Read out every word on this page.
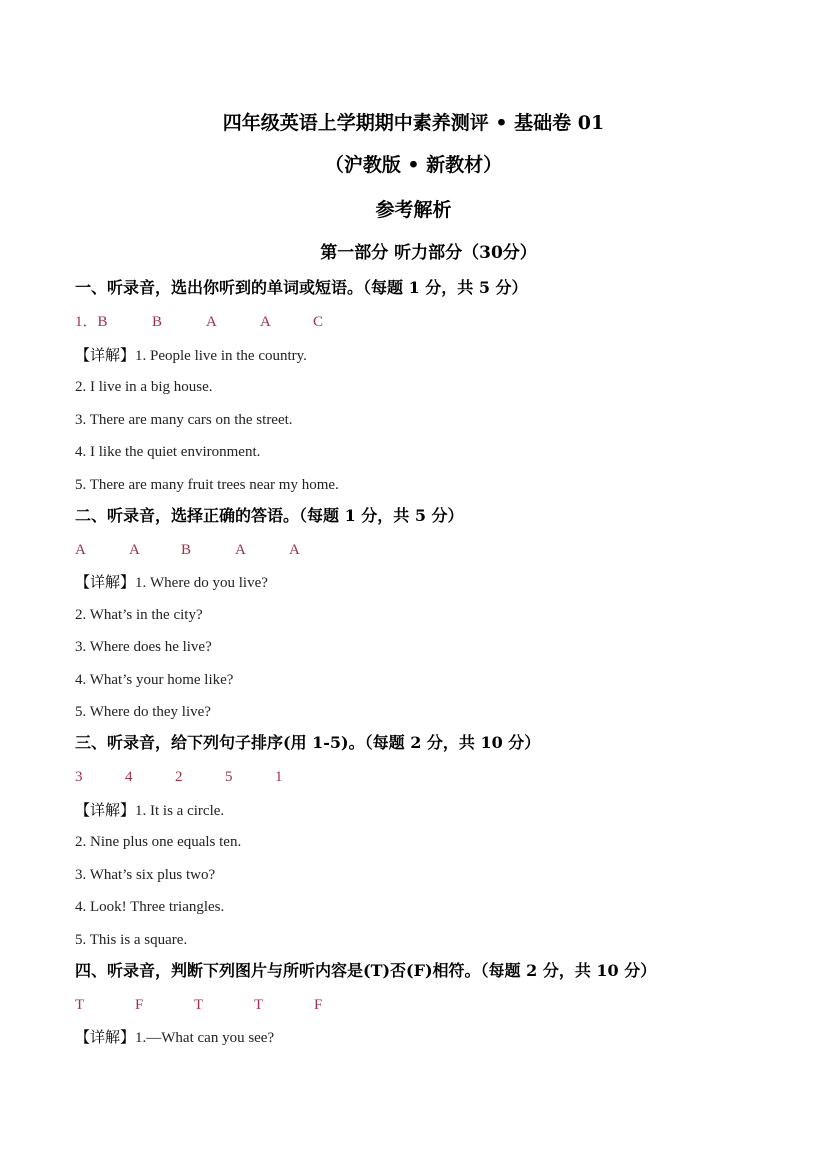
四年级英语上学期期中素养测评 • 基础卷 01
（沪教版 • 新教材）
参考解析
第一部分 听力部分（30分）
一、听录音，选出你听到的单词或短语。（每题 1 分，共 5 分）
1．B	B	A	A	C
【详解】1. People live in the country.
2. I live in a big house.
3. There are many cars on the street.
4. I like the quiet environment.
5. There are many fruit trees near my home.
二、听录音，选择正确的答语。（每题 1 分，共 5 分）
A	A	B	A	A
【详解】1. Where do you live?
2. What’s in the city?
3. Where does he live?
4. What’s your home like?
5. Where do they live?
三、听录音，给下列句子排序(用 1-5)。（每题 2 分，共 10 分）
3	4	2	5	1
【详解】1. It is a circle.
2. Nine plus one equals ten.
3. What’s six plus two?
4. Look! Three triangles.
5. This is a square.
四、听录音，判断下列图片与所听内容是(T)否(F)相符。（每题 2 分，共 10 分）
T	F	T	T	F
【详解】1.—What can you see?
